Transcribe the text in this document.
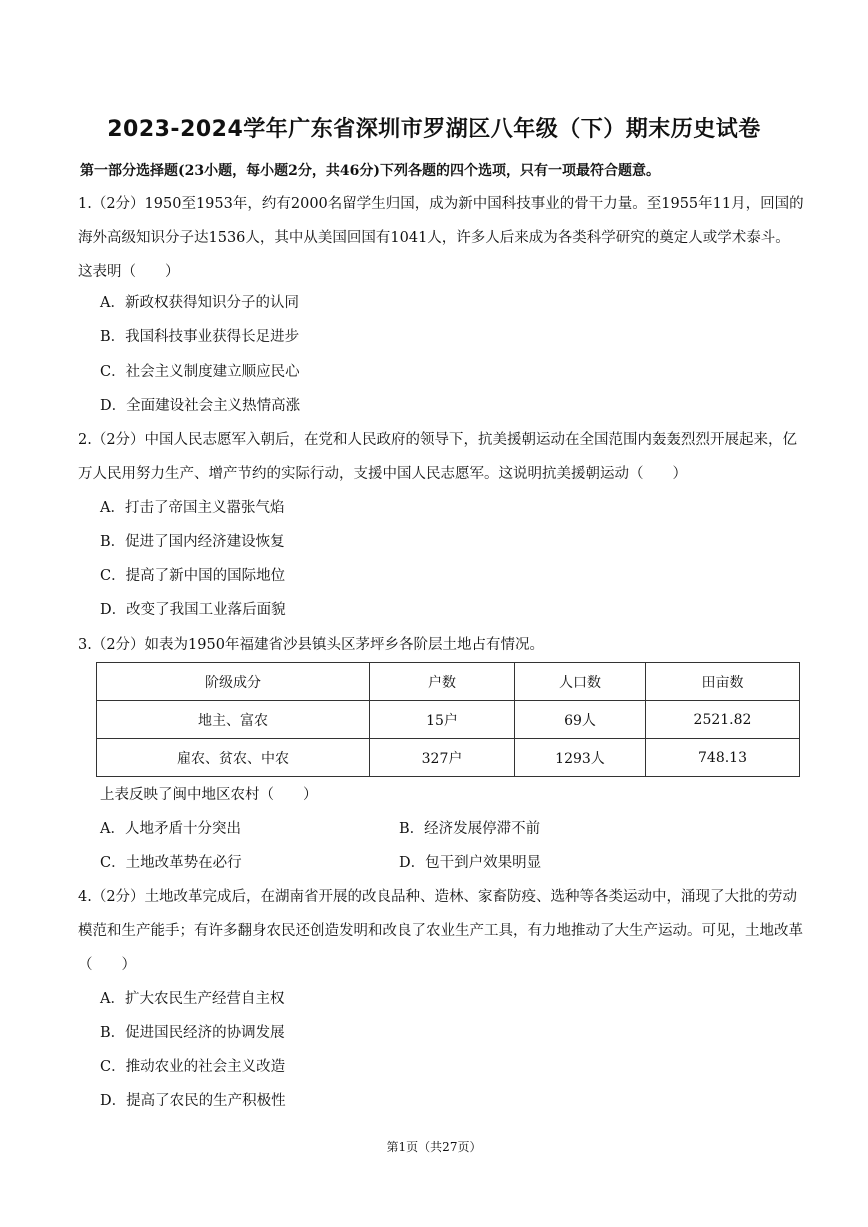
2023-2024学年广东省深圳市罗湖区八年级（下）期末历史试卷
第一部分选择题(23小题，每小题2分，共46分)下列各题的四个选项，只有一项最符合题意。
1.（2分）1950至1953年，约有2000名留学生归国，成为新中国科技事业的骨干力量。至1955年11月，回国的海外高级知识分子达1536人，其中从美国回国有1041人，许多人后来成为各类科学研究的奠定人或学术泰斗。这表明（　　）
A．新政权获得知识分子的认同
B．我国科技事业获得长足进步
C．社会主义制度建立顺应民心
D．全面建设社会主义热情高涨
2.（2分）中国人民志愿军入朝后，在党和人民政府的领导下，抗美援朝运动在全国范围内轰轰烈烈开展起来，亿万人民用努力生产、增产节约的实际行动，支援中国人民志愿军。这说明抗美援朝运动（　　）
A．打击了帝国主义嚣张气焰
B．促进了国内经济建设恢复
C．提高了新中国的国际地位
D．改变了我国工业落后面貌
3.（2分）如表为1950年福建省沙县镇头区茅坪乡各阶层土地占有情况。
阶级成分	户数	人口数	田亩数
地主、富农	15户	69人	2521.82
雇农、贫农、中农	327户	1293人	748.13
上表反映了闽中地区农村（　　）
A．人地矛盾十分突出	B．经济发展停滞不前
C．土地改革势在必行	D．包干到户效果明显
4.（2分）土地改革完成后，在湖南省开展的改良品种、造林、家畜防疫、选种等各类运动中，涌现了大批的劳动模范和生产能手；有许多翻身农民还创造发明和改良了农业生产工具，有力地推动了大生产运动。可见，土地改革（　　）
A．扩大农民生产经营自主权
B．促进国民经济的协调发展
C．推动农业的社会主义改造
D．提高了农民的生产积极性
第1页（共27页）
